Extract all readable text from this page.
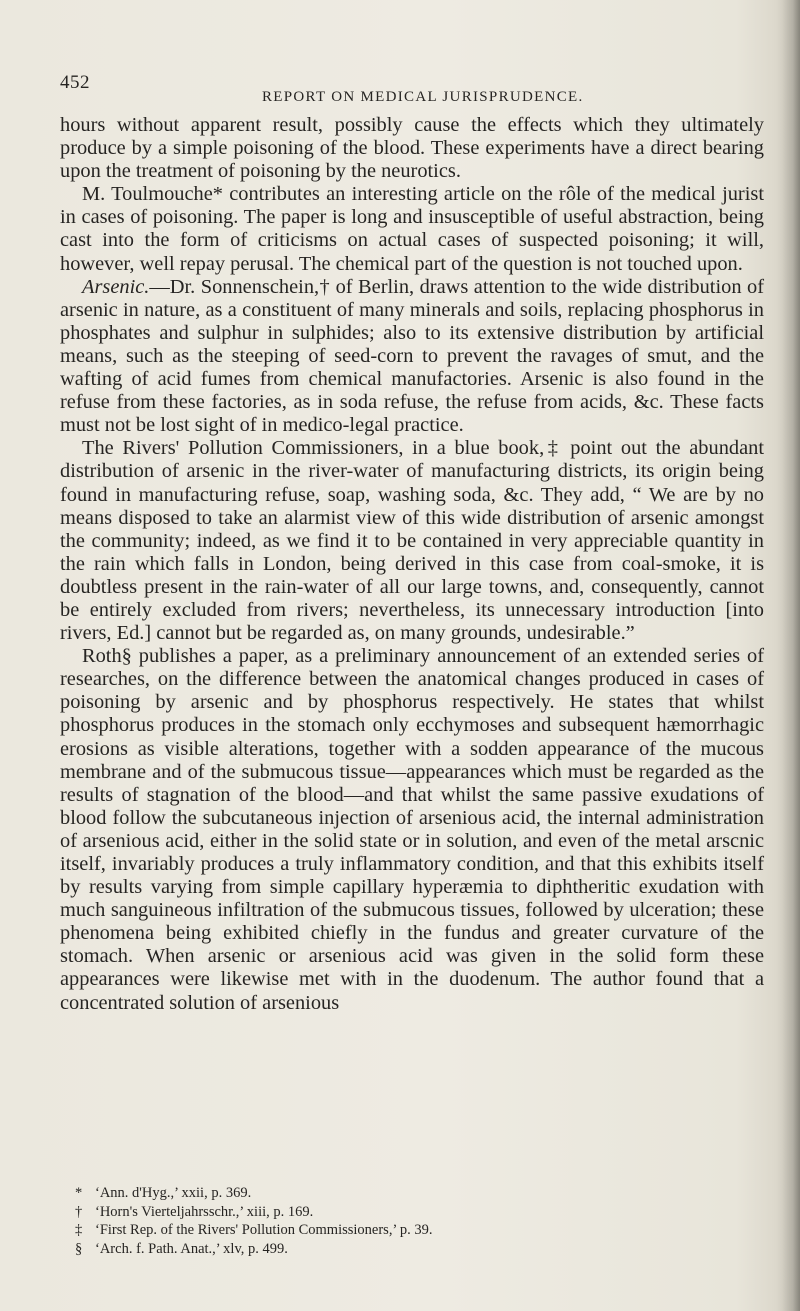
452
REPORT ON MEDICAL JURISPRUDENCE.

hours without apparent result, possibly cause the effects which they ultimately produce by a simple poisoning of the blood. These experiments have a direct bearing upon the treatment of poisoning by the neurotics.

M. Toulmouche* contributes an interesting article on the rôle of the medical jurist in cases of poisoning. The paper is long and insusceptible of useful abstraction, being cast into the form of criticisms on actual cases of suspected poisoning; it will, however, well repay perusal. The chemical part of the question is not touched upon.

Arsenic.—Dr. Sonnenschein,† of Berlin, draws attention to the wide distribution of arsenic in nature, as a constituent of many minerals and soils, replacing phosphorus in phosphates and sulphur in sulphides; also to its extensive distribution by artificial means, such as the steeping of seed-corn to prevent the ravages of smut, and the wafting of acid fumes from chemical manufactories. Arsenic is also found in the refuse from these factories, as in soda refuse, the refuse from acids, &c. These facts must not be lost sight of in medico-legal practice.

The Rivers' Pollution Commissioners, in a blue book,‡ point out the abundant distribution of arsenic in the river-water of manufacturing districts, its origin being found in manufacturing refuse, soap, washing soda, &c. They add, “ We are by no means disposed to take an alarmist view of this wide distribution of arsenic amongst the community; indeed, as we find it to be contained in very appreciable quantity in the rain which falls in London, being derived in this case from coal-smoke, it is doubtless present in the rain-water of all our large towns, and, consequently, cannot be entirely excluded from rivers; nevertheless, its unnecessary introduction [into rivers, Ed.] cannot but be regarded as, on many grounds, undesirable.”

Roth§ publishes a paper, as a preliminary announcement of an extended series of researches, on the difference between the anatomical changes produced in cases of poisoning by arsenic and by phosphorus respectively. He states that whilst phosphorus produces in the stomach only ecchymoses and subsequent hæmorrhagic erosions as visible alterations, together with a sodden appearance of the mucous membrane and of the submucous tissue—appearances which must be regarded as the results of stagnation of the blood—and that whilst the same passive exudations of blood follow the subcutaneous injection of arsenious acid, the internal administration of arsenious acid, either in the solid state or in solution, and even of the metal arscnic itself, invariably produces a truly inflammatory condition, and that this exhibits itself by results varying from simple capillary hyperæmia to diphtheritic exudation with much sanguineous infiltration of the submucous tissues, followed by ulceration; these phenomena being exhibited chiefly in the fundus and greater curvature of the stomach. When arsenic or arsenious acid was given in the solid form these appearances were likewise met with in the duodenum. The author found that a concentrated solution of arsenious

* ‘Ann. d'Hyg.,’ xxii, p. 369.
† ‘Horn's Vierteljahrsschr.,’ xiii, p. 169.
‡ ‘First Rep. of the Rivers' Pollution Commissioners,’ p. 39.
§ ‘Arch. f. Path. Anat.,’ xlv, p. 499.
